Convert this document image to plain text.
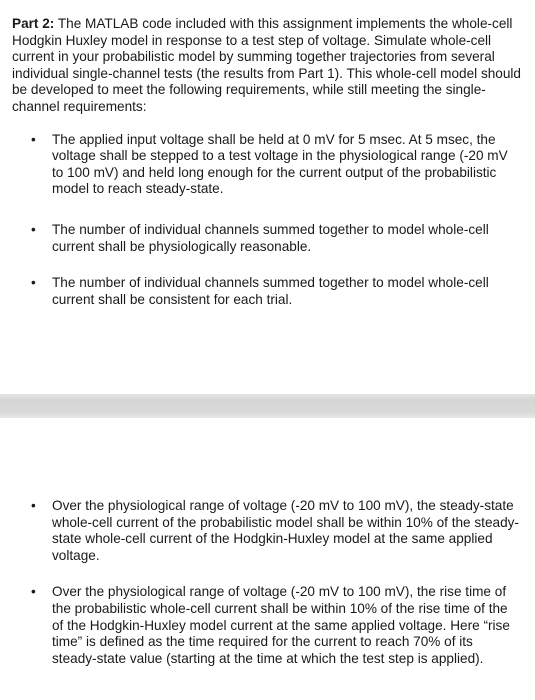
Part 2: The MATLAB code included with this assignment implements the whole-cell Hodgkin Huxley model in response to a test step of voltage. Simulate whole-cell current in your probabilistic model by summing together trajectories from several individual single-channel tests (the results from Part 1). This whole-cell model should be developed to meet the following requirements, while still meeting the single-channel requirements:

• The applied input voltage shall be held at 0 mV for 5 msec. At 5 msec, the voltage shall be stepped to a test voltage in the physiological range (-20 mV to 100 mV) and held long enough for the current output of the probabilistic model to reach steady-state.
• The number of individual channels summed together to model whole-cell current shall be physiologically reasonable.
• The number of individual channels summed together to model whole-cell current shall be consistent for each trial.
• Over the physiological range of voltage (-20 mV to 100 mV), the steady-state whole-cell current of the probabilistic model shall be within 10% of the steady-state whole-cell current of the Hodgkin-Huxley model at the same applied voltage.
• Over the physiological range of voltage (-20 mV to 100 mV), the rise time of the probabilistic whole-cell current shall be within 10% of the rise time of the of the Hodgkin-Huxley model current at the same applied voltage. Here “rise time” is defined as the time required for the current to reach 70% of its steady-state value (starting at the time at which the test step is applied).
